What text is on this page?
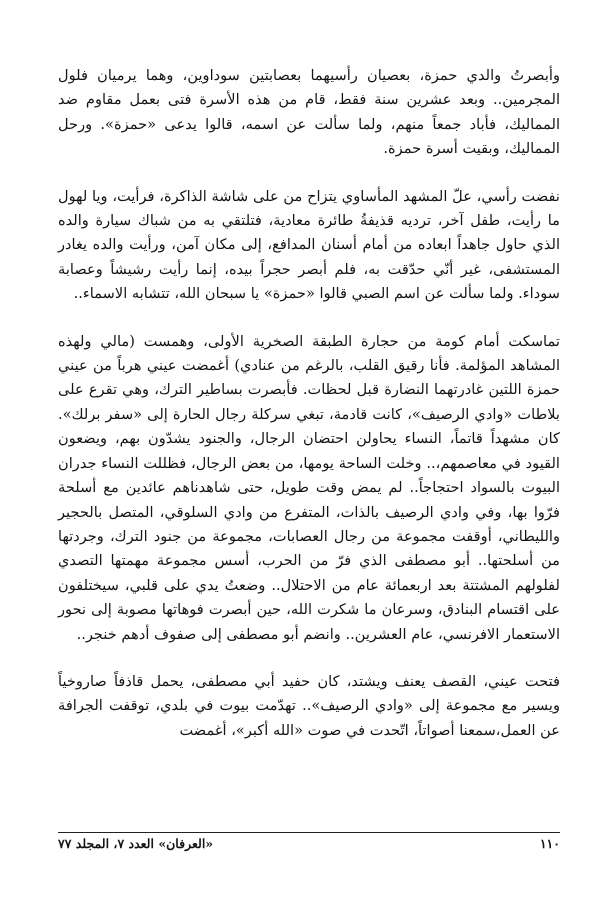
وأبصرتُ والدي حمزة، بعصيان رأسيهما بعصابتين سوداوين، وهما يرميان فلول المجرمين.. وبعد عشرين سنة فقط، قام من هذه الأسرة فتى بعمل مقاوم ضد المماليك، فأباد جمعاً منهم، ولما سألت عن اسمه، قالوا يدعى «حمزة». ورحل المماليك، وبقيت أسرة حمزة.

نفضت رأسي، علّ المشهد المأساوي يتزاح من على شاشة الذاكرة، فرأيت، ويا لهول ما رأيت، طفل آخر، ترديه قذيفةُ طائرة معادية، فتلتقي به من شباك سيارة والده الذي حاول جاهداً ابعاده من أمام أسنان المدافع، إلى مكان آمن، ورأيت والده يغادر المستشفى، غير أنّي حدّقت به، فلم أبصر حجراً بيده، إنما رأيت رشيشاً وعصابة سوداء. ولما سألت عن اسم الصبي قالوا «حمزة» يا سبحان الله، تتشابه الاسماء..

تماسكت أمام كومة من حجارة الطبقة الصخرية الأولى، وهمست (مالي ولهذه المشاهد المؤلمة. فأنا رقيق القلب، بالرغم من عنادي) أغمضت عيني هرباً من عيني حمزة اللتين غادرتهما النضارة قبل لحظات. فأبصرت بساطير الترك، وهي تقرع على بلاطات «وادي الرصيف»، كانت قادمة، تبغي سركلة رجال الحارة إلى «سفر برلك». كان مشهداً قاتماً، النساء يحاولن احتضان الرجال، والجنود يشدّون بهم، ويضعون القيود في معاصمهم،.. وخلت الساحة يومها، من بعض الرجال، فظللت النساء جدران البيوت بالسواد احتجاجاً.. لم يمض وقت طويل، حتى شاهدناهم عائدين مع أسلحة فرّوا بها، وفي وادي الرصيف بالذات، المتفرع من وادي السلوقي، المتصل بالحجير والليطاني، أوقفت مجموعة من رجال العصابات، مجموعة من جنود الترك، وجردتها من أسلحتها.. أبو مصطفى الذي فرّ من الحرب، أسس مجموعة مهمتها التصدي لفلولهم المشتتة بعد اربعمائة عام من الاحتلال.. وضعتُ يدي على قلبي، سيختلفون على اقتسام البنادق، وسرعان ما شكرت الله، حين أبصرت فوهاتها مصوبة إلى نحور الاستعمار الافرنسي، عام العشرين.. وانضم أبو مصطفى إلى صفوف أدهم خنجر..

فتحت عيني، القصف يعنف ويشتد، كان حفيد أبي مصطفى، يحمل قاذفاً صاروخياً ويسير مع مجموعة إلى «وادي الرصيف».. تهدّمت بيوت في بلدي، توقفت الجرافة عن العمل،سمعنا أصواتاً، اتّحدت في صوت «الله أكبر»، أغمضت

١١٠
«العرفان» العدد ٧، المجلد ٧٧
